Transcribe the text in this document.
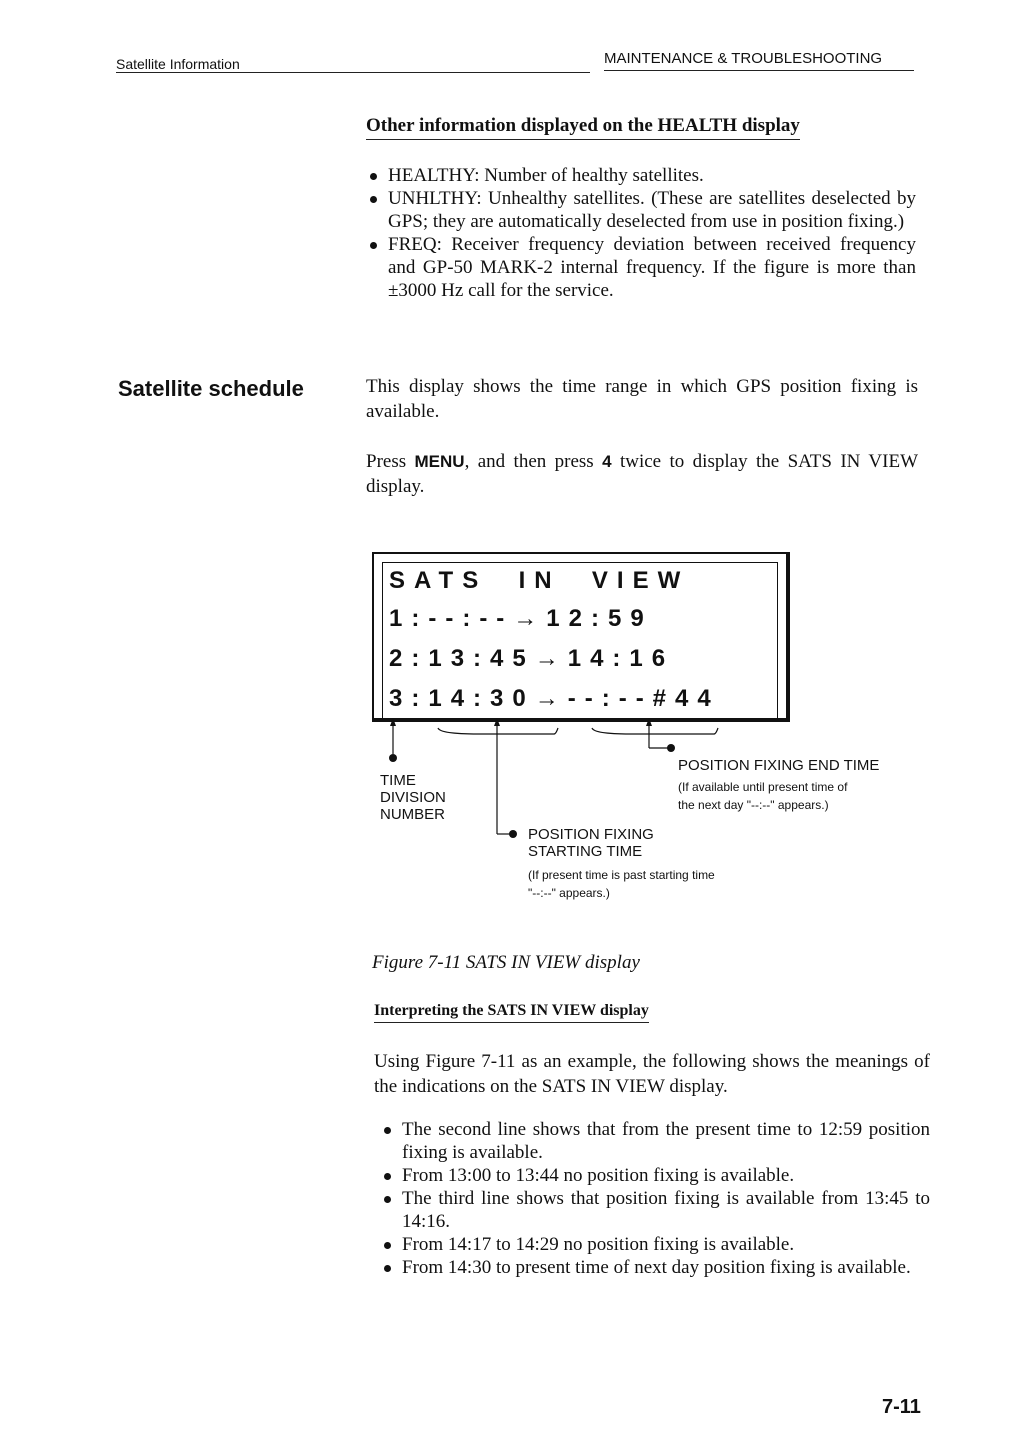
Satellite Information	MAINTENANCE & TROUBLESHOOTING
Other information displayed on the HEALTH display
HEALTHY: Number of healthy satellites.
UNHLTHY: Unhealthy satellites. (These are satellites deselected by GPS; they are automatically deselected from use in position fixing.)
FREQ: Receiver frequency deviation between received frequency and GP-50 MARK-2 internal frequency. If the figure is more than ±3000 Hz call for the service.
Satellite schedule	This display shows the time range in which GPS position fixing is available.
Press MENU, and then press 4 twice to display the SATS IN VIEW display.
SATS  IN  VIEW
1:--:--→12:59
2:13:45→14:16
3:14:30→--:--#44
TIME
DIVISION
NUMBER
POSITION FIXING
STARTING TIME
(If present time is past starting time
"--:--" appears.)
POSITION FIXING END TIME
(If available until present time of
the next day "--:--" appears.)
Figure 7-11 SATS IN VIEW display
Interpreting the SATS IN VIEW display
Using Figure 7-11 as an example, the following shows the meanings of the indications on the SATS IN VIEW display.
The second line shows that from the present time to 12:59 position fixing is available.
From 13:00 to 13:44 no position fixing is available.
The third line shows that position fixing is available from 13:45 to 14:16.
From 14:17 to 14:29 no position fixing is available.
From 14:30 to present time of next day position fixing is available.
7-11
